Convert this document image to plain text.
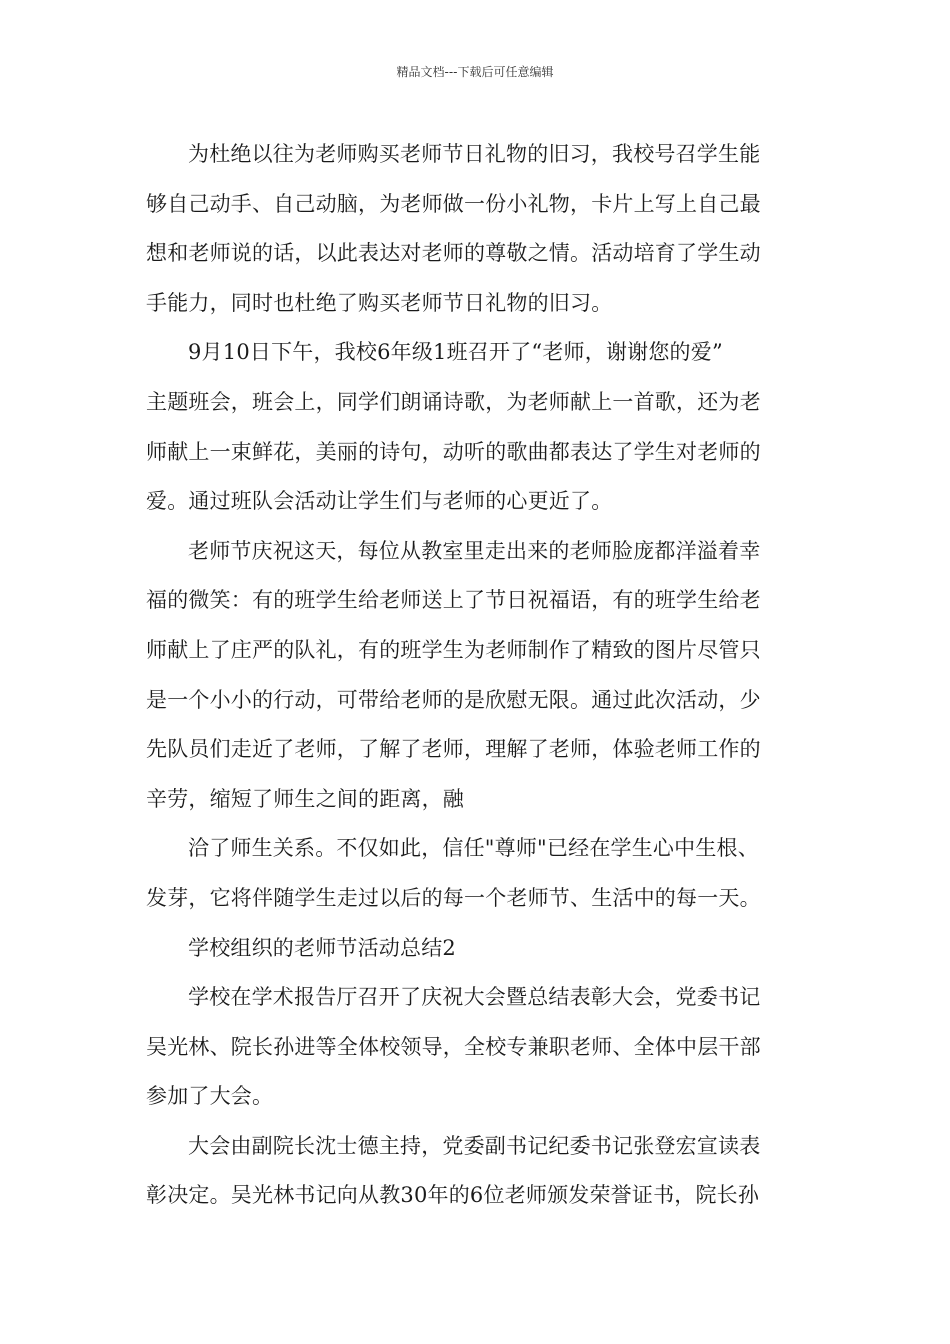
精品文档---下载后可任意编辑
为杜绝以往为老师购买老师节日礼物的旧习，我校号召学生能
够自己动手、自己动脑，为老师做一份小礼物，卡片上写上自己最
想和老师说的话，以此表达对老师的尊敬之情。活动培育了学生动
手能力，同时也杜绝了购买老师节日礼物的旧习。
9月10日下午，我校6年级1班召开了“老师，谢谢您的爱”
主题班会，班会上，同学们朗诵诗歌，为老师献上一首歌，还为老
师献上一束鲜花，美丽的诗句，动听的歌曲都表达了学生对老师的
爱。通过班队会活动让学生们与老师的心更近了。
老师节庆祝这天，每位从教室里走出来的老师脸庞都洋溢着幸
福的微笑：有的班学生给老师送上了节日祝福语，有的班学生给老
师献上了庄严的队礼，有的班学生为老师制作了精致的图片尽管只
是一个小小的行动，可带给老师的是欣慰无限。通过此次活动，少
先队员们走近了老师，了解了老师，理解了老师，体验老师工作的
辛劳，缩短了师生之间的距离，融
洽了师生关系。不仅如此，信任"尊师"已经在学生心中生根、
发芽，它将伴随学生走过以后的每一个老师节、生活中的每一天。
学校组织的老师节活动总结2
学校在学术报告厅召开了庆祝大会暨总结表彰大会，党委书记
吴光林、院长孙进等全体校领导，全校专兼职老师、全体中层干部
参加了大会。
大会由副院长沈士德主持，党委副书记纪委书记张登宏宣读表
彰决定。吴光林书记向从教30年的6位老师颁发荣誉证书，院长孙
